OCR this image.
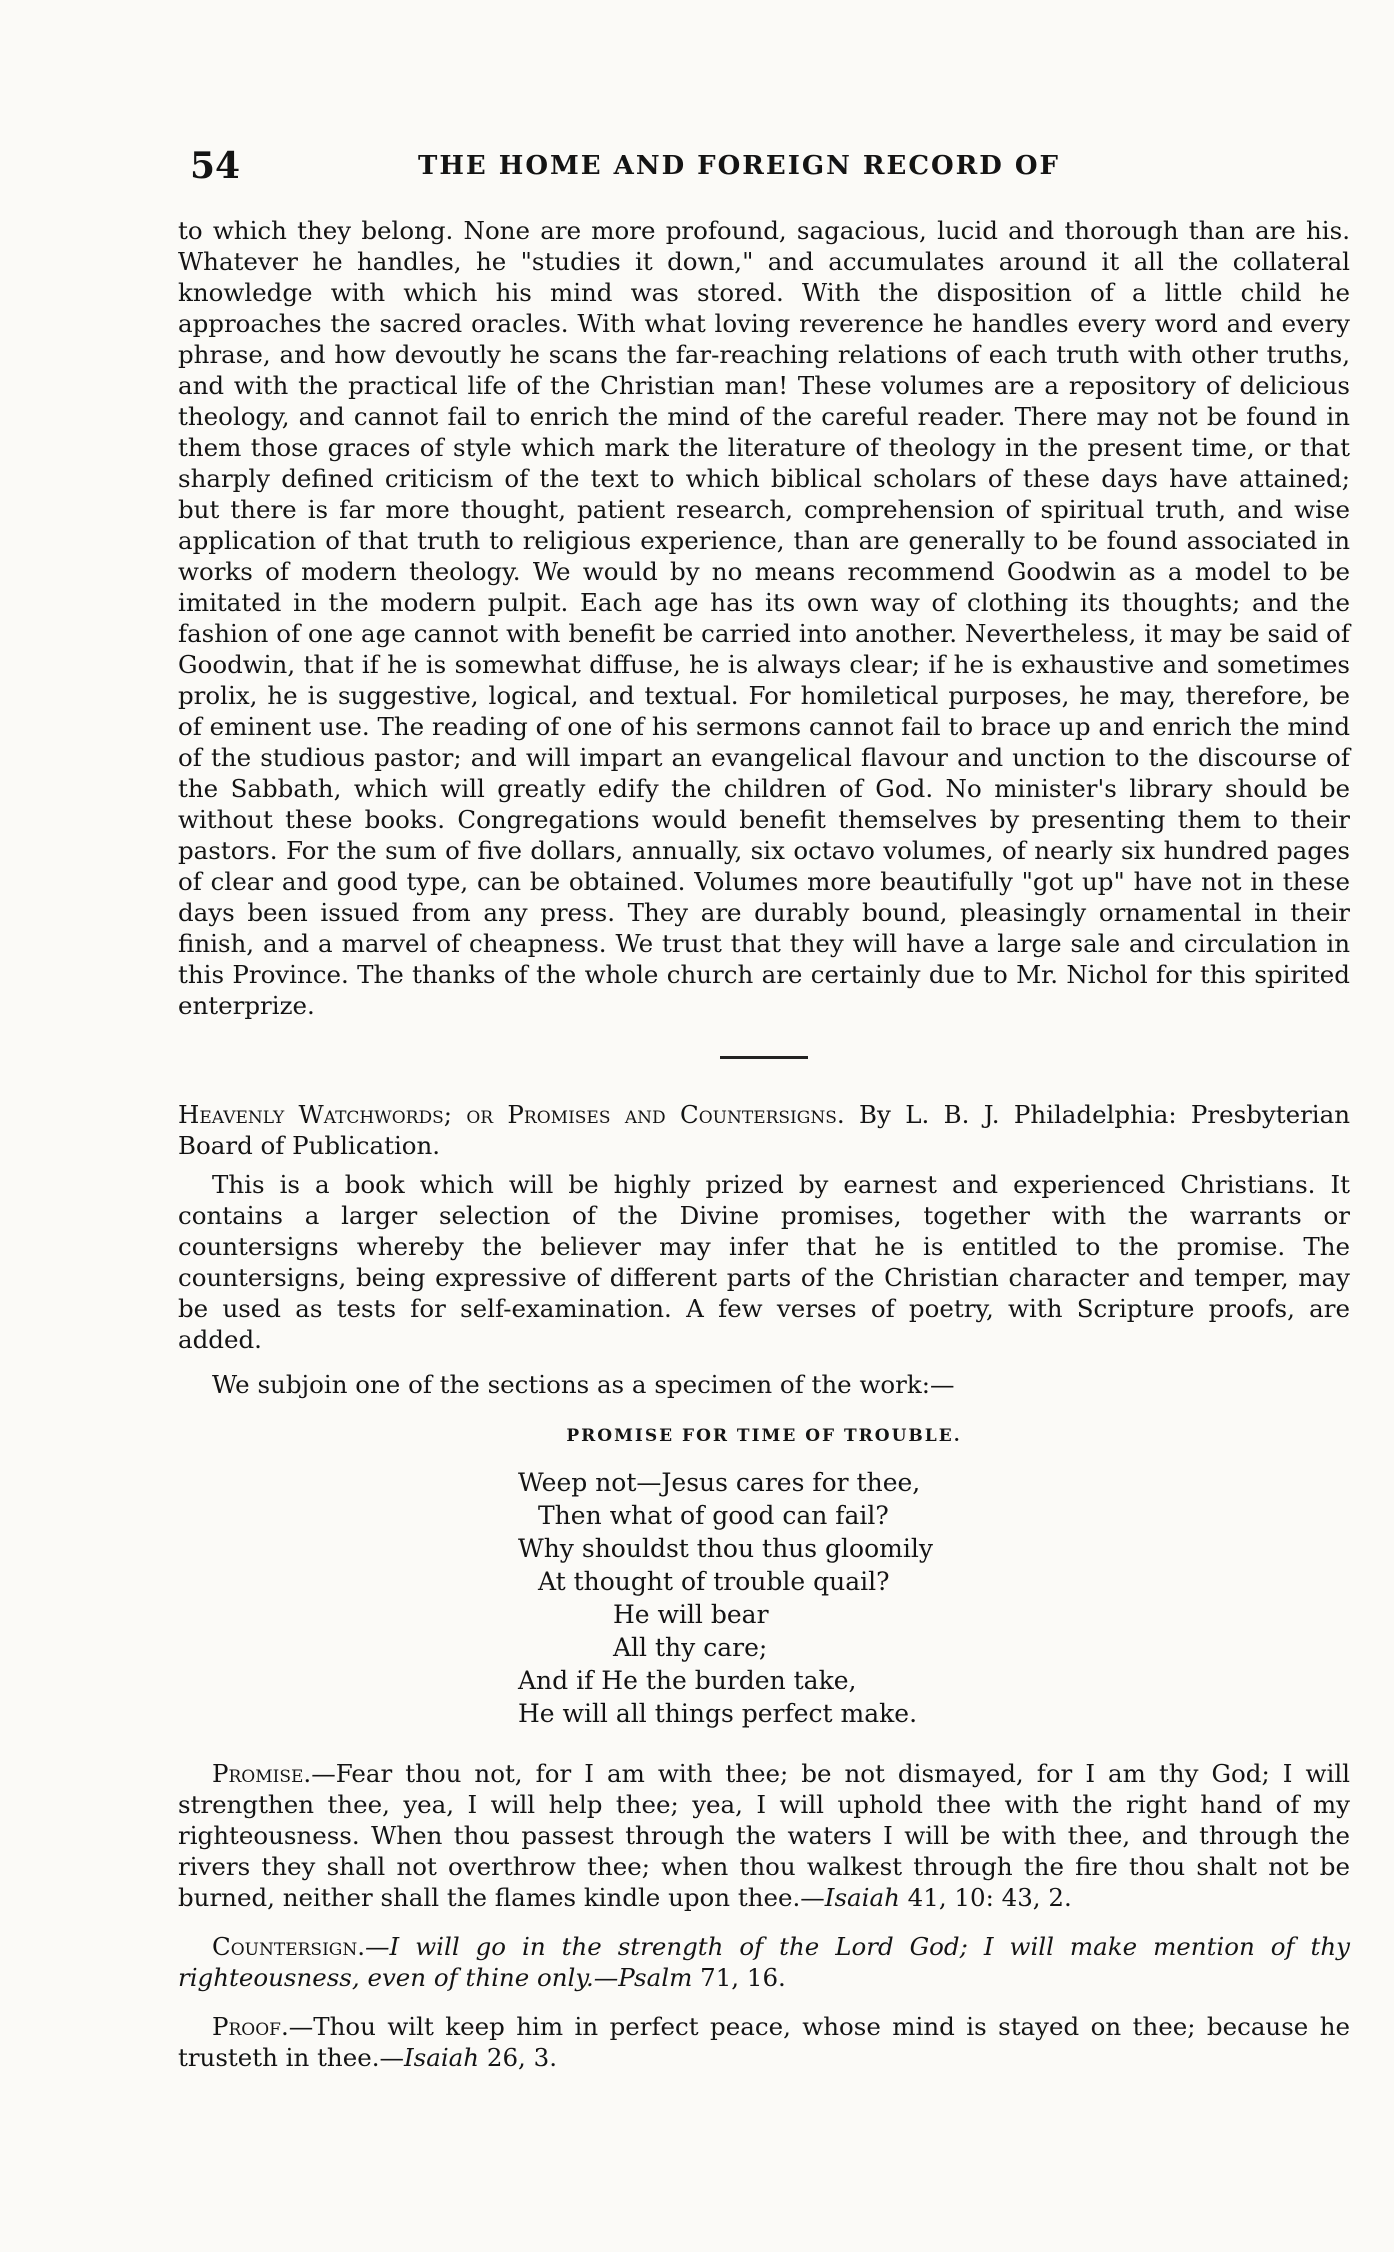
54	THE HOME AND FOREIGN RECORD OF

to which they belong. None are more profound, sagacious, lucid and thorough than are his. Whatever he handles, he "studies it down," and accumulates around it all the collateral knowledge with which his mind was stored. With the disposition of a little child he approaches the sacred oracles. With what loving reverence he handles every word and every phrase, and how devoutly he scans the far-reaching relations of each truth with other truths, and with the practical life of the Christian man! These volumes are a repository of delicious theology, and cannot fail to enrich the mind of the careful reader. There may not be found in them those graces of style which mark the literature of theology in the present time, or that sharply defined criticism of the text to which biblical scholars of these days have attained; but there is far more thought, patient research, comprehension of spiritual truth, and wise application of that truth to religious experience, than are generally to be found associated in works of modern theology. We would by no means recommend Goodwin as a model to be imitated in the modern pulpit. Each age has its own way of clothing its thoughts; and the fashion of one age cannot with benefit be carried into another. Nevertheless, it may be said of Goodwin, that if he is somewhat diffuse, he is always clear; if he is exhaustive and sometimes prolix, he is suggestive, logical, and textual. For homiletical purposes, he may, therefore, be of eminent use. The reading of one of his sermons cannot fail to brace up and enrich the mind of the studious pastor; and will impart an evangelical flavour and unction to the discourse of the Sabbath, which will greatly edify the children of God. No minister's library should be without these books. Congregations would benefit themselves by presenting them to their pastors. For the sum of five dollars, annually, six octavo volumes, of nearly six hundred pages of clear and good type, can be obtained. Volumes more beautifully "got up" have not in these days been issued from any press. They are durably bound, pleasingly ornamental in their finish, and a marvel of cheapness. We trust that they will have a large sale and circulation in this Province. The thanks of the whole church are certainly due to Mr. Nichol for this spirited enterprize.

Heavenly Watchwords; or Promises and Countersigns. By L. B. J. Philadelphia: Presbyterian Board of Publication.

This is a book which will be highly prized by earnest and experienced Christians. It contains a larger selection of the Divine promises, together with the warrants or countersigns whereby the believer may infer that he is entitled to the promise. The countersigns, being expressive of different parts of the Christian character and temper, may be used as tests for self-examination. A few verses of poetry, with Scripture proofs, are added.

We subjoin one of the sections as a specimen of the work:—

PROMISE FOR TIME OF TROUBLE.
Weep not—Jesus cares for thee,
Then what of good can fail?
Why shouldst thou thus gloomily
At thought of trouble quail?
He will bear
All thy care;
And if He the burden take,
He will all things perfect make.

Promise.—Fear thou not, for I am with thee; be not dismayed, for I am thy God; I will strengthen thee, yea, I will help thee; yea, I will uphold thee with the right hand of my righteousness. When thou passest through the waters I will be with thee, and through the rivers they shall not overthrow thee; when thou walkest through the fire thou shalt not be burned, neither shall the flames kindle upon thee.—Isaiah 41, 10: 43, 2.

Countersign.—I will go in the strength of the Lord God; I will make mention of thy righteousness, even of thine only.—Psalm 71, 16.

Proof.—Thou wilt keep him in perfect peace, whose mind is stayed on thee; because he trusteth in thee.—Isaiah 26, 3.
